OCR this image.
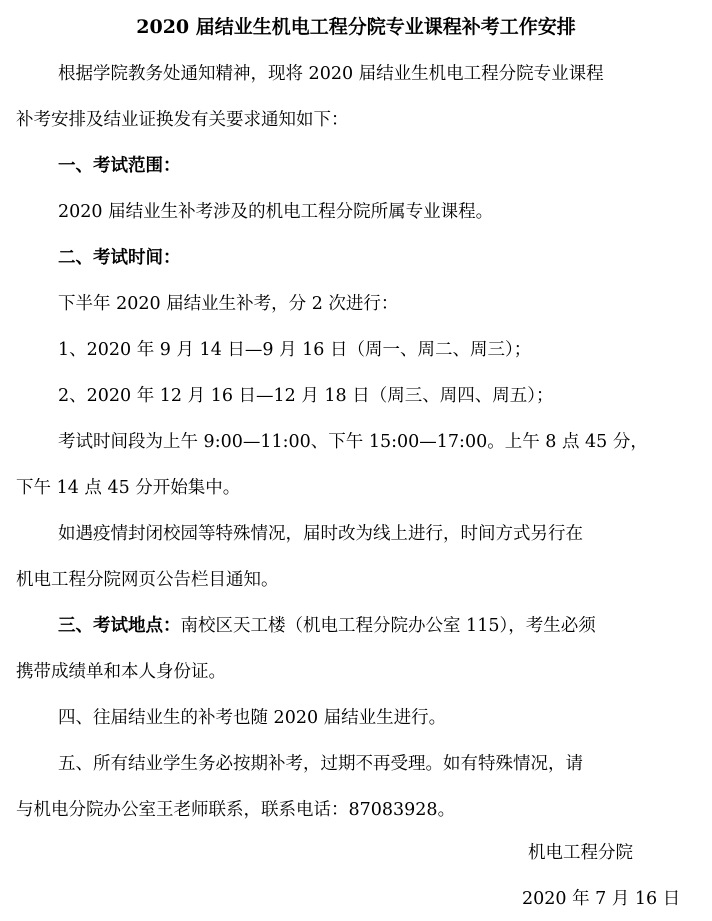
2020 届结业生机电工程分院专业课程补考工作安排
根据学院教务处通知精神，现将 2020 届结业生机电工程分院专业课程
补考安排及结业证换发有关要求通知如下：
一、考试范围：
2020 届结业生补考涉及的机电工程分院所属专业课程。
二、考试时间：
下半年 2020 届结业生补考，分 2 次进行：
1、2020 年 9 月 14 日—9 月 16 日（周一、周二、周三）；
2、2020 年 12 月 16 日—12 月 18 日（周三、周四、周五）；
考试时间段为上午 9:00—11:00、下午 15:00—17:00。上午 8 点 45 分，
下午 14 点 45 分开始集中。
如遇疫情封闭校园等特殊情况，届时改为线上进行，时间方式另行在
机电工程分院网页公告栏目通知。
三、考试地点：南校区天工楼（机电工程分院办公室 115），考生必须
携带成绩单和本人身份证。
四、往届结业生的补考也随 2020 届结业生进行。
五、所有结业学生务必按期补考，过期不再受理。如有特殊情况，请
与机电分院办公室王老师联系，联系电话：87083928。
机电工程分院
2020 年 7 月 16 日
